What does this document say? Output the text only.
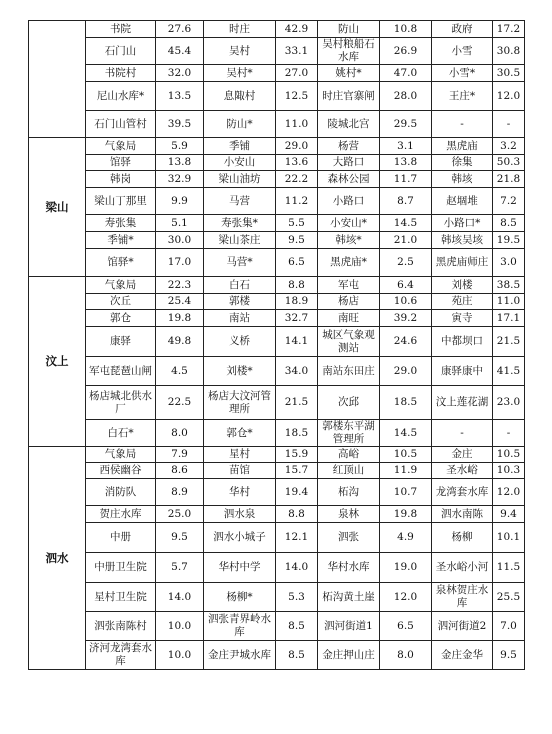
	书院	27.6	时庄	42.9	防山	10.8	政府	17.2
	石门山	45.4	吴村	33.1	吴村粮船石水库	26.9	小雪	30.8
	书院村	32.0	吴村*	27.0	姚村*	47.0	小雪*	30.5
	尼山水库*	13.5	息陬村	12.5	时庄官寨闸	28.0	王庄*	12.0
	石门山管村	39.5	防山*	11.0	陵城北宫	29.5	-	-
梁山	气象局	5.9	季铺	29.0	杨营	3.1	黑虎庙	3.2
	馆驿	13.8	小安山	13.6	大路口	13.8	徐集	50.3
	韩岗	32.9	梁山油坊	22.2	森林公园	11.7	韩垓	21.8
	梁山丁那里	9.9	马营	11.2	小路口	8.7	赵堌堆	7.2
	寿张集	5.1	寿张集*	5.5	小安山*	14.5	小路口*	8.5
	季铺*	30.0	梁山茶庄	9.5	韩垓*	21.0	韩垓吴垓	19.5
	馆驿*	17.0	马营*	6.5	黑虎庙*	2.5	黑虎庙师庄	3.0
汶上	气象局	22.3	白石	8.8	军屯	6.4	刘楼	38.5
	次丘	25.4	郭楼	18.9	杨店	10.6	苑庄	11.0
	郭仓	19.8	南站	32.7	南旺	39.2	寅寺	17.1
	康驿	49.8	义桥	14.1	城区气象观测站	24.6	中都坝口	21.5
	军屯琵琶山闸	4.5	刘楼*	34.0	南站东田庄	29.0	康驿康中	41.5
	杨店城北供水厂	22.5	杨店大汶河管理所	21.5	次邱	18.5	汶上莲花湖	23.0
	白石*	8.0	郭仓*	18.5	郭楼东平湖管理所	14.5	-	-
泗水	气象局	7.9	星村	15.9	高峪	10.5	金庄	10.5
	西侯幽谷	8.6	苗馆	15.7	红顶山	11.9	圣水峪	10.3
	消防队	8.9	华村	19.4	柘沟	10.7	龙湾套水库	12.0
	贺庄水库	25.0	泗水泉	8.8	泉林	19.8	泗水南陈	9.4
	中册	9.5	泗水小城子	12.1	泗张	4.9	杨柳	10.1
	中册卫生院	5.7	华村中学	14.0	华村水库	19.0	圣水峪小河	11.5
	星村卫生院	14.0	杨柳*	5.3	柘沟黄土崖	12.0	泉林贺庄水库	25.5
	泗张南陈村	10.0	泗张青界岭水库	8.5	泗河街道1	6.5	泗河街道2	7.0
	济河龙湾套水库	10.0	金庄尹城水库	8.5	金庄押山庄	8.0	金庄金华	9.5
